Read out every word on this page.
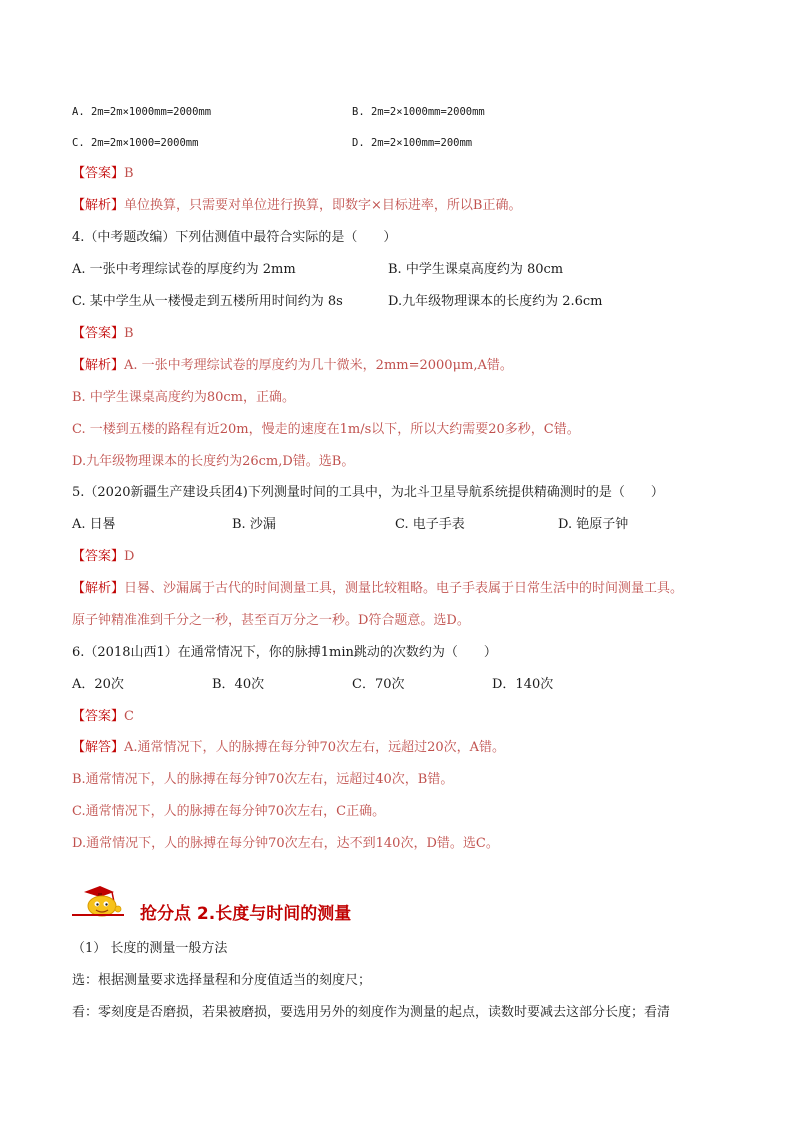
A. 2m=2m×1000mm=2000mm	B. 2m=2×1000mm=2000mm
C. 2m=2m×1000=2000mm	D. 2m=2×100mm=200mm
【答案】B
【解析】单位换算，只需要对单位进行换算，即数字×目标进率，所以B正确。
4.（中考题改编）下列估测值中最符合实际的是（　　）
A. 一张中考理综试卷的厚度约为 2mm	B. 中学生课桌高度约为 80cm
C. 某中学生从一楼慢走到五楼所用时间约为 8s	D.九年级物理课本的长度约为 2.6cm
【答案】B
【解析】A. 一张中考理综试卷的厚度约为几十微米，2mm=2000μm,A错。
B. 中学生课桌高度约为80cm，正确。
C. 一楼到五楼的路程有近20m，慢走的速度在1m/s以下，所以大约需要20多秒，C错。
D.九年级物理课本的长度约为26cm,D错。选B。
5.（2020新疆生产建设兵团4)下列测量时间的工具中，为北斗卫星导航系统提供精确测时的是（　　）
A. 日晷	B. 沙漏	C. 电子手表	D. 铯原子钟
【答案】D
【解析】日晷、沙漏属于古代的时间测量工具，测量比较粗略。电子手表属于日常生活中的时间测量工具。
原子钟精准准到千分之一秒，甚至百万分之一秒。D符合题意。选D。
6.（2018山西1）在通常情况下，你的脉搏1min跳动的次数约为（　　）
A．20次	B．40次	C．70次	D．140次
【答案】C
【解答】A.通常情况下，人的脉搏在每分钟70次左右，远超过20次，A错。
B.通常情况下，人的脉搏在每分钟70次左右，远超过40次，B错。
C.通常情况下，人的脉搏在每分钟70次左右，C正确。
D.通常情况下，人的脉搏在每分钟70次左右，达不到140次，D错。选C。
抢分点 2.长度与时间的测量
（1） 长度的测量一般方法
选：根据测量要求选择量程和分度值适当的刻度尺；
看：零刻度是否磨损，若果被磨损，要选用另外的刻度作为测量的起点，读数时要减去这部分长度；看清
